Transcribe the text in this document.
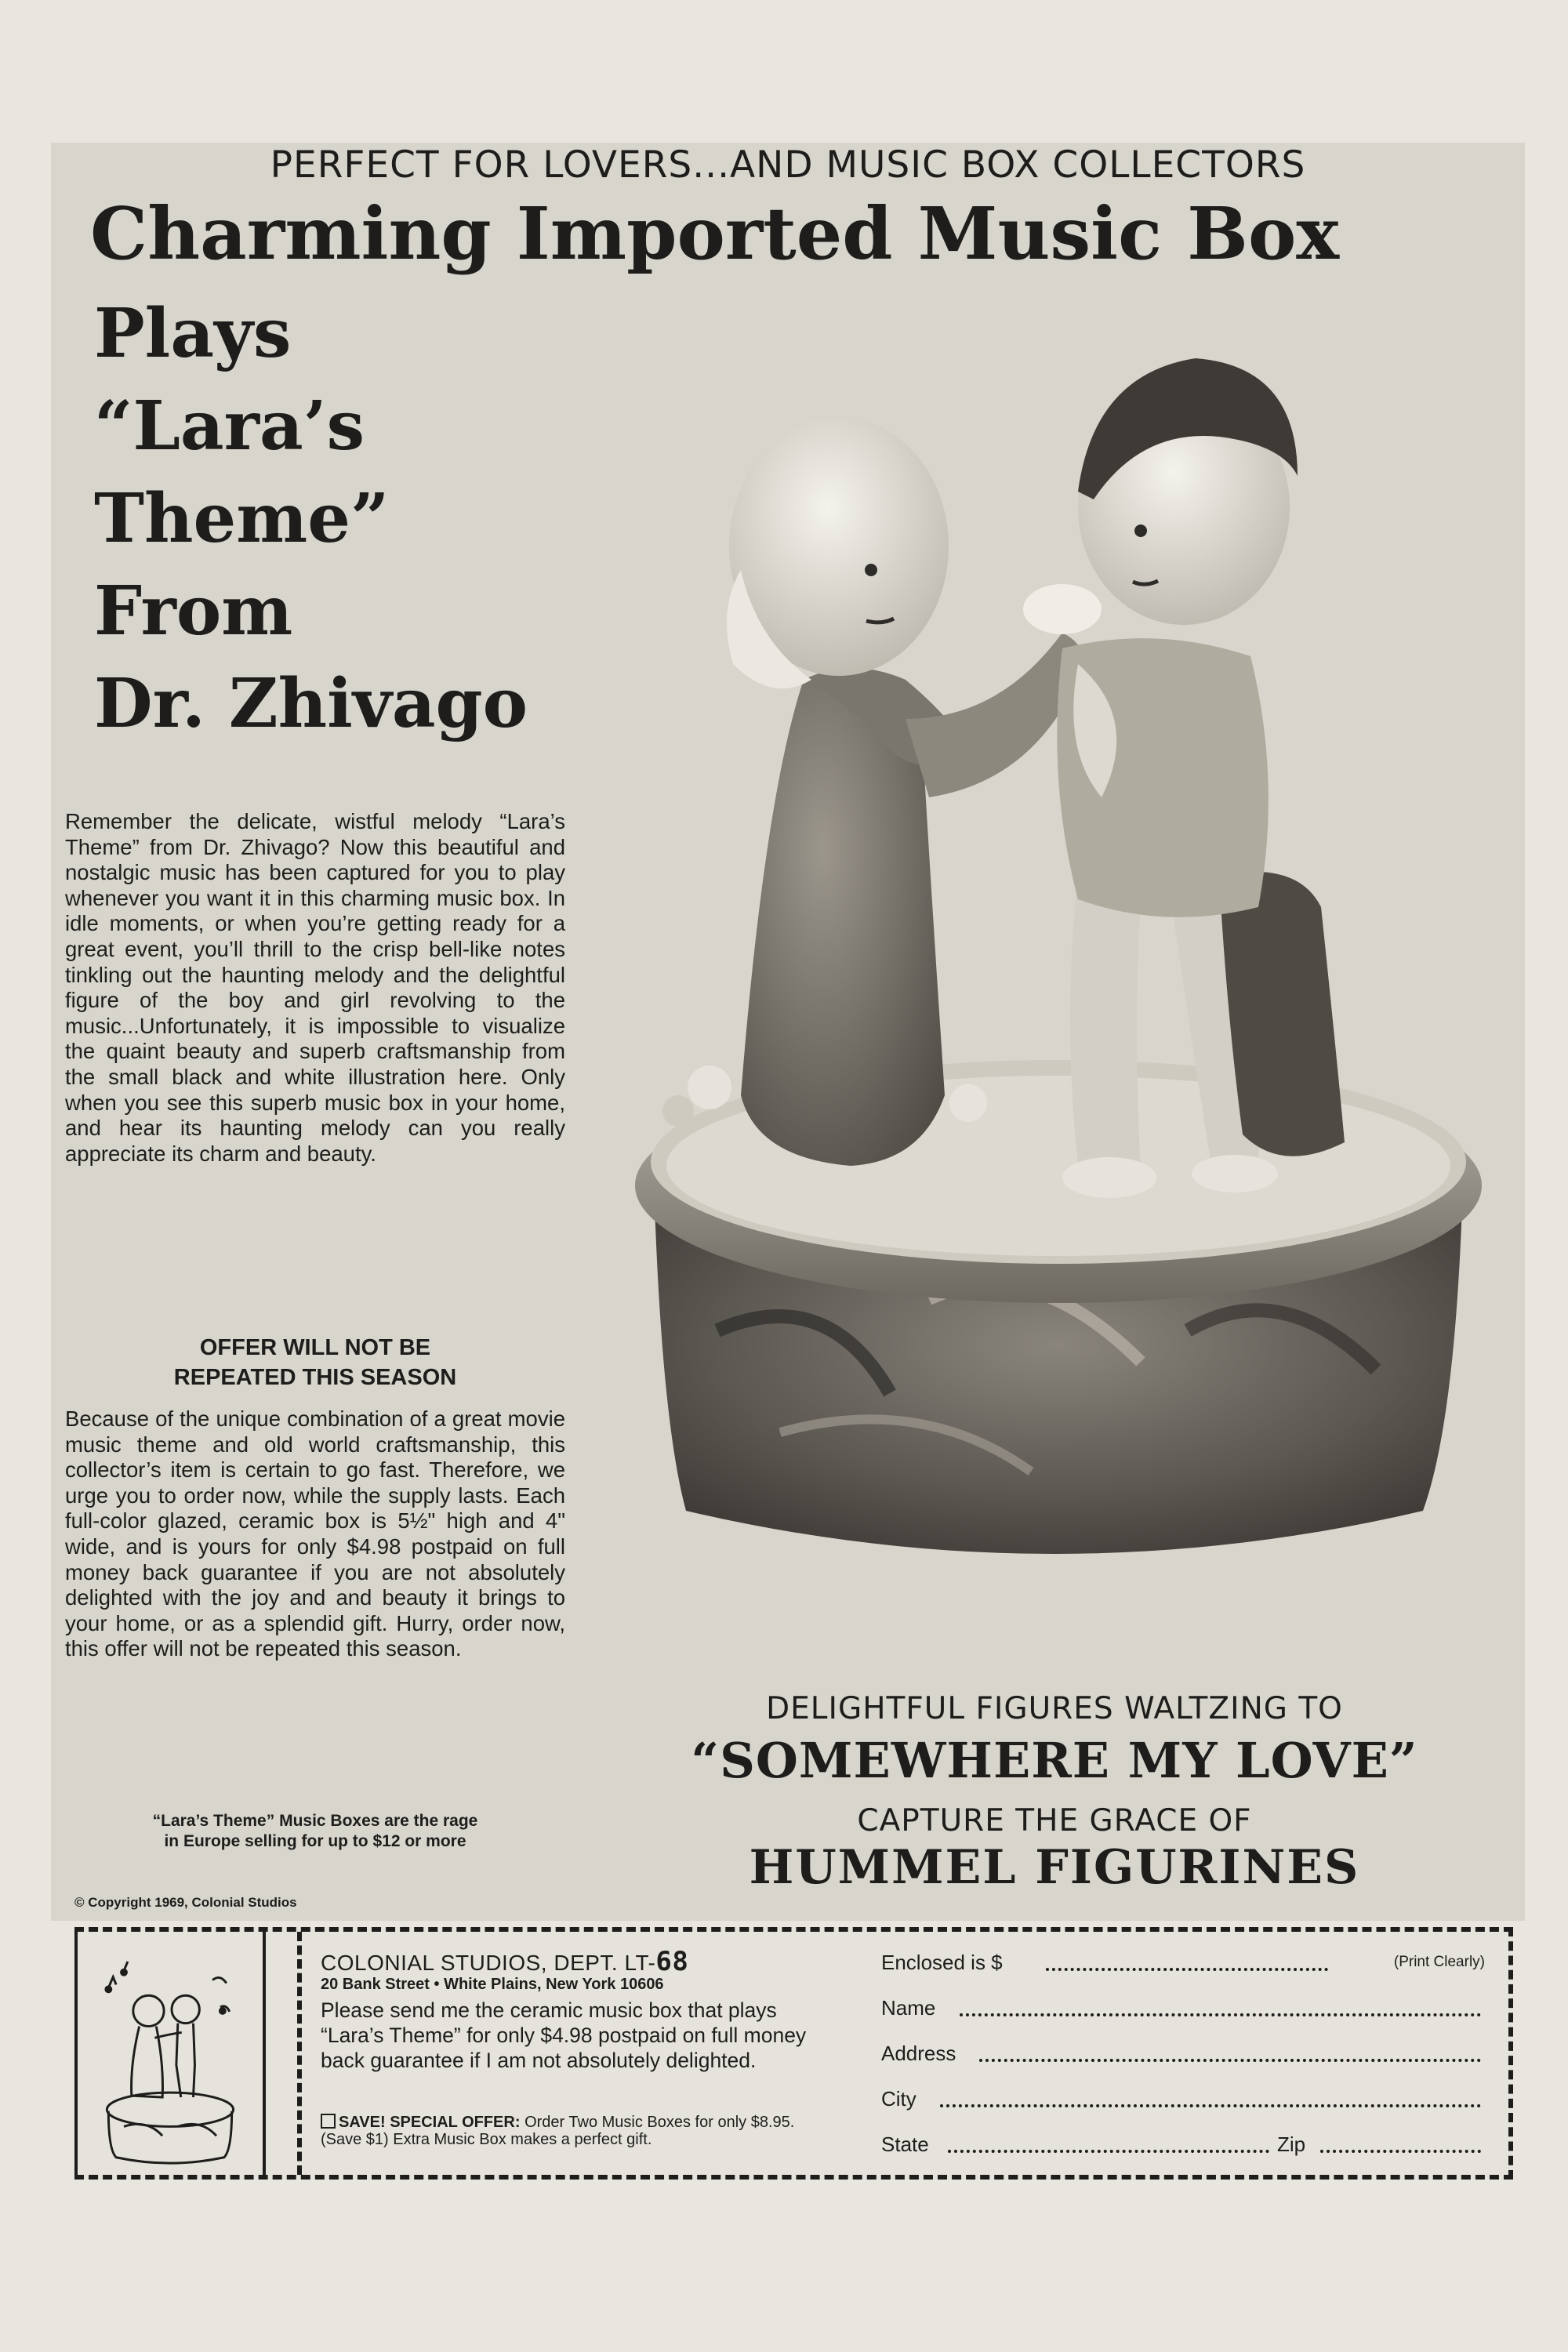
PERFECT FOR LOVERS...AND MUSIC BOX COLLECTORS
Charming Imported Music Box
Plays
“Lara’s
Theme”
From
Dr. Zhivago

Remember the delicate, wistful melody “Lara’s Theme” from Dr. Zhivago? Now this beautiful and nostalgic music has been captured for you to play whenever you want it in this charming music box. In idle moments, or when you’re getting ready for a great event, you’ll thrill to the crisp bell-like notes tinkling out the haunting melody and the delightful figure of the boy and girl revolving to the music...Unfortunately, it is impossible to visualize the quaint beauty and superb craftsmanship from the small black and white illustration here. Only when you see this superb music box in your home, and hear its haunting melody can you really appreciate its charm and beauty.

OFFER WILL NOT BE
REPEATED THIS SEASON

Because of the unique combination of a great movie music theme and old world craftsmanship, this collector’s item is certain to go fast. Therefore, we urge you to order now, while the supply lasts. Each full-color glazed, ceramic box is 5½" high and 4" wide, and is yours for only $4.98 postpaid on full money back guarantee if you are not absolutely delighted with the joy and and beauty it brings to your home, or as a splendid gift. Hurry, order now, this offer will not be repeated this season.

“Lara’s Theme” Music Boxes are the rage
in Europe selling for up to $12 or more
© Copyright 1969, Colonial Studios
DELIGHTFUL FIGURES WALTZING TO
“SOMEWHERE MY LOVE”
CAPTURE THE GRACE OF
HUMMEL FIGURINES
COLONIAL STUDIOS, DEPT. LT-68
20 Bank Street • White Plains, New York 10606

Please send me the ceramic music box that plays “Lara’s Theme” for only $4.98 postpaid on full money back guarantee if I am not absolutely delighted.

SAVE! SPECIAL OFFER: Order Two Music Boxes for only $8.95. (Save $1) Extra Music Box makes a perfect gift.

Enclosed is $	(Print Clearly)
Name
Address
City
State	Zip
